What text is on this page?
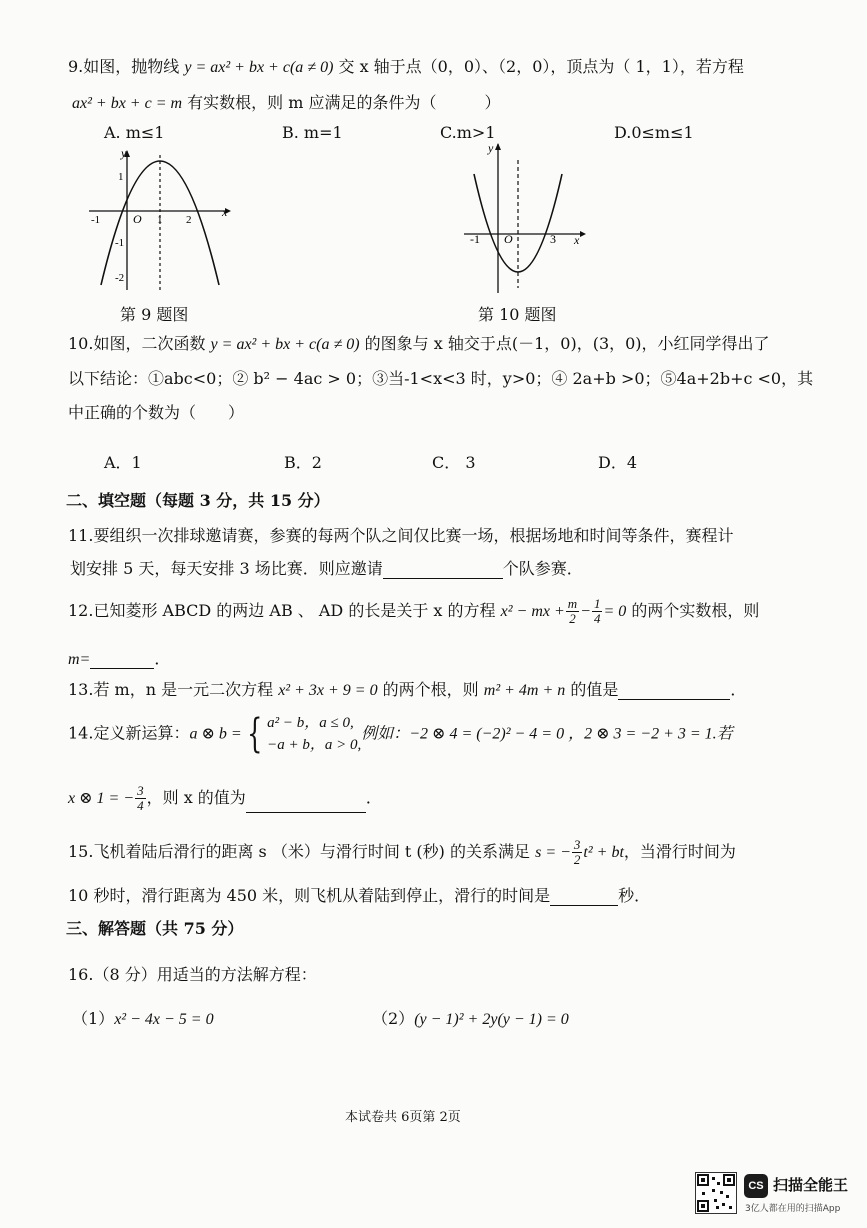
9.如图，抛物线 y = ax² + bx + c(a ≠ 0) 交 x 轴于点（0，0）、（2，0），顶点为（ 1，1），若方程
ax² + bx + c = m 有实数根，则 m 应满足的条件为（　　　）
A. m≤1	B. m=1	C.m>1	D.0≤m≤1
y
x
O
-1	1 2
1
-1
-2
第 9 题图
y
x
O
-1	3
第 10 题图
10.如图，二次函数 y = ax² + bx + c(a ≠ 0) 的图象与 x 轴交于点(－1，0)，(3，0)，小红同学得出了
以下结论：①abc<0；② b² − 4ac > 0；③当-1<x<3 时，y>0；④ 2a+b >0；⑤4a+2b+c <0，其
中正确的个数为（　　）
A．1	B．2	C． 3	D．4
二、填空题（每题 3 分，共 15 分）
11.要组织一次排球邀请赛，参赛的每两个队之间仅比赛一场，根据场地和时间等条件，赛程计
划安排 5 天，每天安排 3 场比赛．则应邀请	个队参赛．
12.已知菱形 ABCD 的两边 AB 、 AD 的长是关于 x 的方程 x² − mx + $\frac{m}{2} - \frac{1}{4} = 0$ 的两个实数根，则
m=	．
13.若 m，n 是一元二次方程 x² + 3x + 9 = 0 的两个根，则 m² + 4m + n 的值是	．
14.定义新运算：a ⊗ b = { a² − b，a ≤ 0,
−a + b，a > 0,
例如：−2 ⊗ 4 = (−2)² − 4 = 0 ，2 ⊗ 3 = −2 + 3 = 1.若
x ⊗ 1 = − $\frac{3}{4}$ ，则 x 的值为	．
15.飞机着陆后滑行的距离 s （米）与滑行时间 t (秒) 的关系满足 s = − $\frac{3}{2} t^2$ + bt，当滑行时间为
10 秒时，滑行距离为 450 米，则飞机从着陆到停止，滑行的时间是	秒．
三、解答题（共 75 分）
16.（8 分）用适当的方法解方程：
（1）x² − 4x − 5 = 0	（2）(y − 1)² + 2y(y − 1) = 0
本试卷共 6页第 2页
CS 扫描全能王
3亿人都在用的扫描App
